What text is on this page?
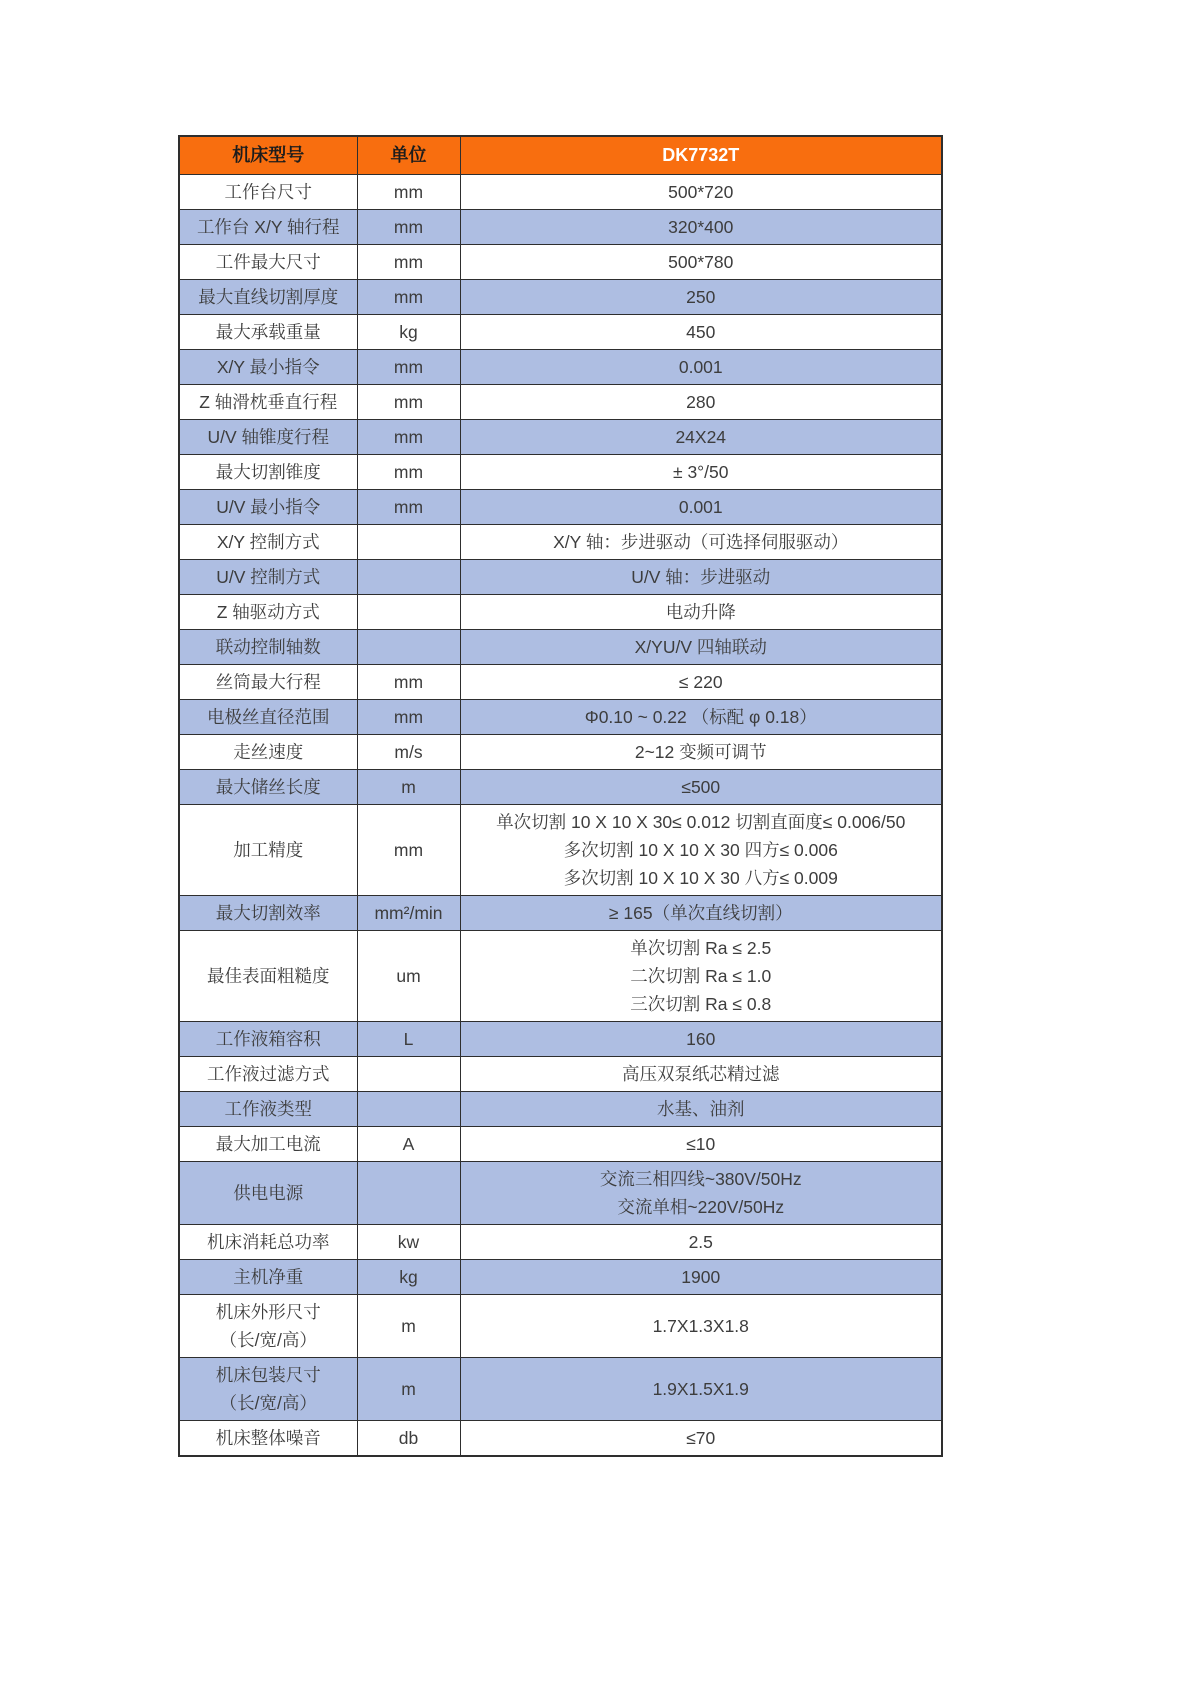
机床型号	单位	DK7732T

工作台尺寸	mm	500*720

工作台 X/Y 轴行程	mm	320*400

工件最大尺寸	mm	500*780

最大直线切割厚度	mm	250

最大承载重量	kg	450

X/Y 最小指令	mm	0.001

Z 轴滑枕垂直行程	mm	280

U/V 轴锥度行程	mm	24X24

最大切割锥度	mm	± 3°/50

U/V 最小指令	mm	0.001

X/Y 控制方式		X/Y 轴：步进驱动（可选择伺服驱动）

U/V 控制方式		U/V 轴：步进驱动

Z 轴驱动方式		电动升降

联动控制轴数		X/YU/V 四轴联动

丝筒最大行程	mm	≤ 220

电极丝直径范围	mm	Φ0.10 ~ 0.22 （标配 φ 0.18）

走丝速度	m/s	2~12 变频可调节

最大储丝长度	m	≤500

加工精度	mm	单次切割 10 X 10 X 30≤ 0.012 切割直面度≤ 0.006/50
多次切割 10 X 10 X 30 四方≤ 0.006
多次切割 10 X 10 X 30 八方≤ 0.009

最大切割效率	mm²/min	≥ 165（单次直线切割）

最佳表面粗糙度	um	单次切割 Ra ≤ 2.5
二次切割 Ra ≤ 1.0
三次切割 Ra ≤ 0.8

工作液箱容积	L	160

工作液过滤方式		高压双泵纸芯精过滤

工作液类型		水基、油剂

最大加工电流	A	≤10

供电电源		交流三相四线~380V/50Hz
交流单相~220V/50Hz

机床消耗总功率	kw	2.5

主机净重	kg	1900

机床外形尺寸
（长/宽/高）	m	1.7X1.3X1.8

机床包装尺寸
（长/宽/高）	m	1.9X1.5X1.9

机床整体噪音	db	≤70
